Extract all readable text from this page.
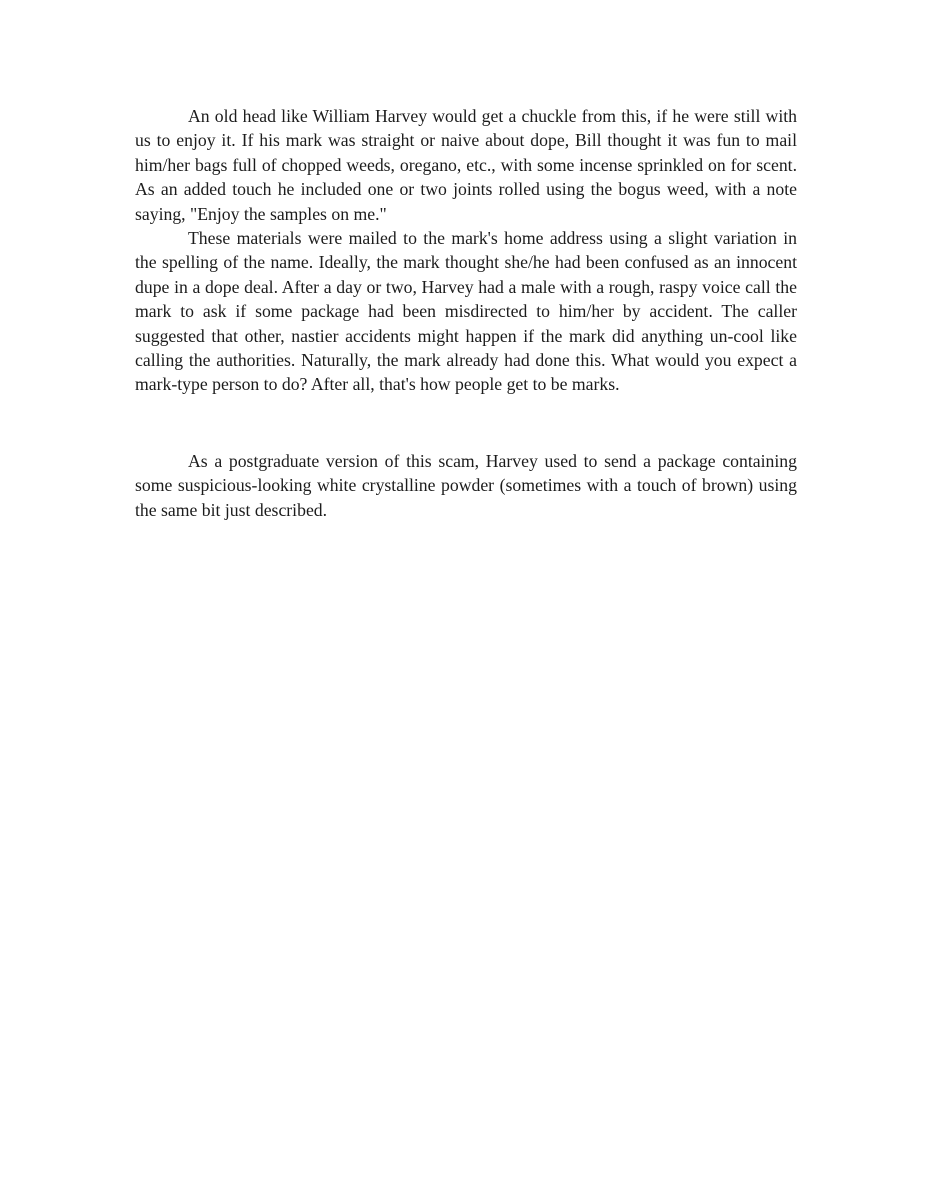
An old head like William Harvey would get a chuckle from this, if he were still with us to enjoy it. If his mark was straight or naive about dope, Bill thought it was fun to mail him/her bags full of chopped weeds, oregano, etc., with some incense sprinkled on for scent. As an added touch he included one or two joints rolled using the bogus weed, with a note saying, "Enjoy the samples on me."

These materials were mailed to the mark's home address using a slight variation in the spelling of the name. Ideally, the mark thought she/he had been confused as an innocent dupe in a dope deal. After a day or two, Harvey had a male with a rough, raspy voice call the mark to ask if some package had been misdirected to him/her by accident. The caller suggested that other, nastier accidents might happen if the mark did anything un-cool like calling the authorities. Naturally, the mark already had done this. What would you expect a mark-type person to do? After all, that's how people get to be marks.

As a postgraduate version of this scam, Harvey used to send a package containing some suspicious-looking white crystalline powder (sometimes with a touch of brown) using the same bit just described.
